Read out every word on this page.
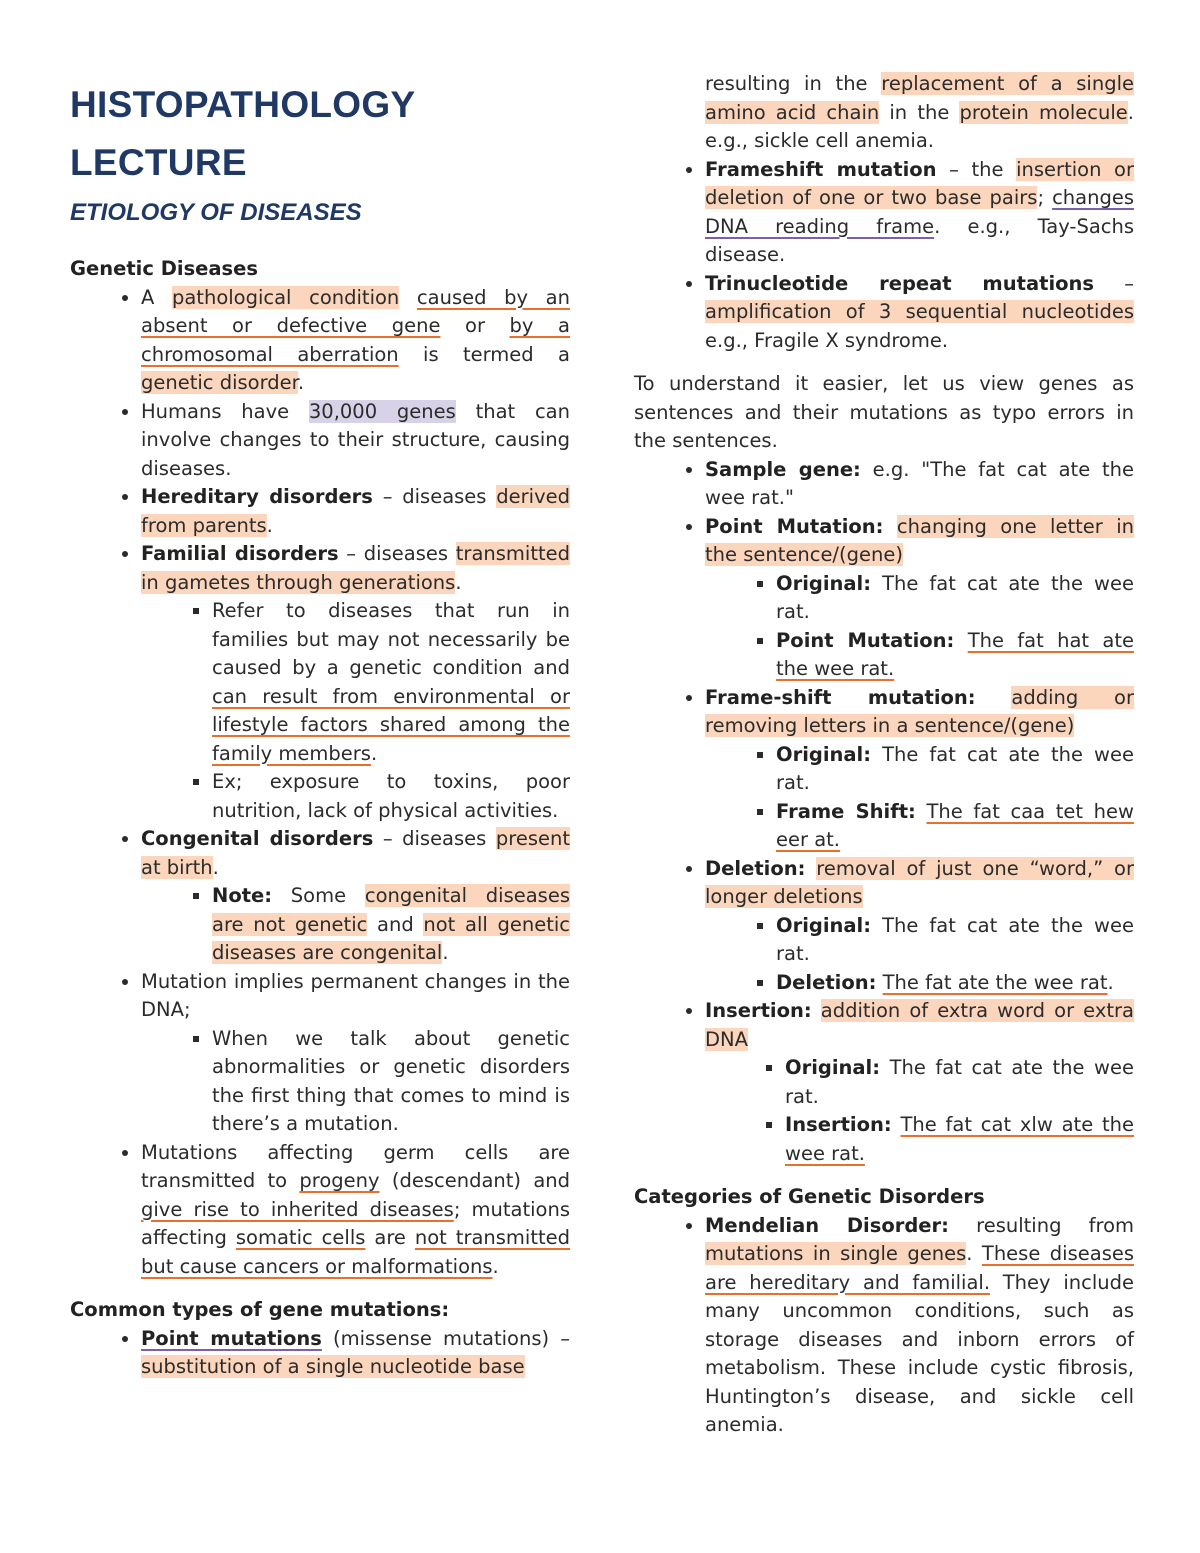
HISTOPATHOLOGY LECTURE
ETIOLOGY OF DISEASES

Genetic Diseases

• A pathological condition caused by an absent or defective gene or by a chromosomal aberration is termed a genetic disorder.
• Humans have 30,000 genes that can involve changes to their structure, causing diseases.
• Hereditary disorders – diseases derived from parents.
• Familial disorders – diseases transmitted in gametes through generations.
▪ Refer to diseases that run in families but may not necessarily be caused by a genetic condition and can result from environmental or lifestyle factors shared among the family members.
▪ Ex; exposure to toxins, poor nutrition, lack of physical activities.
• Congenital disorders – diseases present at birth.
▪ Note: Some congenital diseases are not genetic and not all genetic diseases are congenital.
• Mutation implies permanent changes in the DNA;
▪ When we talk about genetic abnormalities or genetic disorders the first thing that comes to mind is there’s a mutation.
• Mutations affecting germ cells are transmitted to progeny (descendant) and give rise to inherited diseases; mutations affecting somatic cells are not transmitted but cause cancers or malformations.

Common types of gene mutations:

• Point mutations (missense mutations) – substitution of a single nucleotide base
resulting in the replacement of a single amino acid chain in the protein molecule. e.g., sickle cell anemia.
• Frameshift mutation – the insertion or deletion of one or two base pairs; changes DNA reading frame. e.g., Tay-Sachs disease.
• Trinucleotide repeat mutations – amplification of 3 sequential nucleotides e.g., Fragile X syndrome.

To understand it easier, let us view genes as sentences and their mutations as typo errors in the sentences.

• Sample gene: e.g. "The fat cat ate the wee rat."
• Point Mutation: changing one letter in the sentence/(gene)
▪ Original: The fat cat ate the wee rat.
▪ Point Mutation: The fat hat ate the wee rat.
• Frame-shift mutation: adding or removing letters in a sentence/(gene)
▪ Original: The fat cat ate the wee rat.
▪ Frame Shift: The fat caa tet hew eer at.
• Deletion: removal of just one “word,” or longer deletions
▪ Original: The fat cat ate the wee rat.
▪ Deletion: The fat ate the wee rat.
• Insertion: addition of extra word or extra DNA
▪ Original: The fat cat ate the wee rat.
▪ Insertion: The fat cat xlw ate the wee rat.

Categories of Genetic Disorders

• Mendelian Disorder: resulting from mutations in single genes. These diseases are hereditary and familial. They include many uncommon conditions, such as storage diseases and inborn errors of metabolism. These include cystic fibrosis, Huntington’s disease, and sickle cell anemia.
